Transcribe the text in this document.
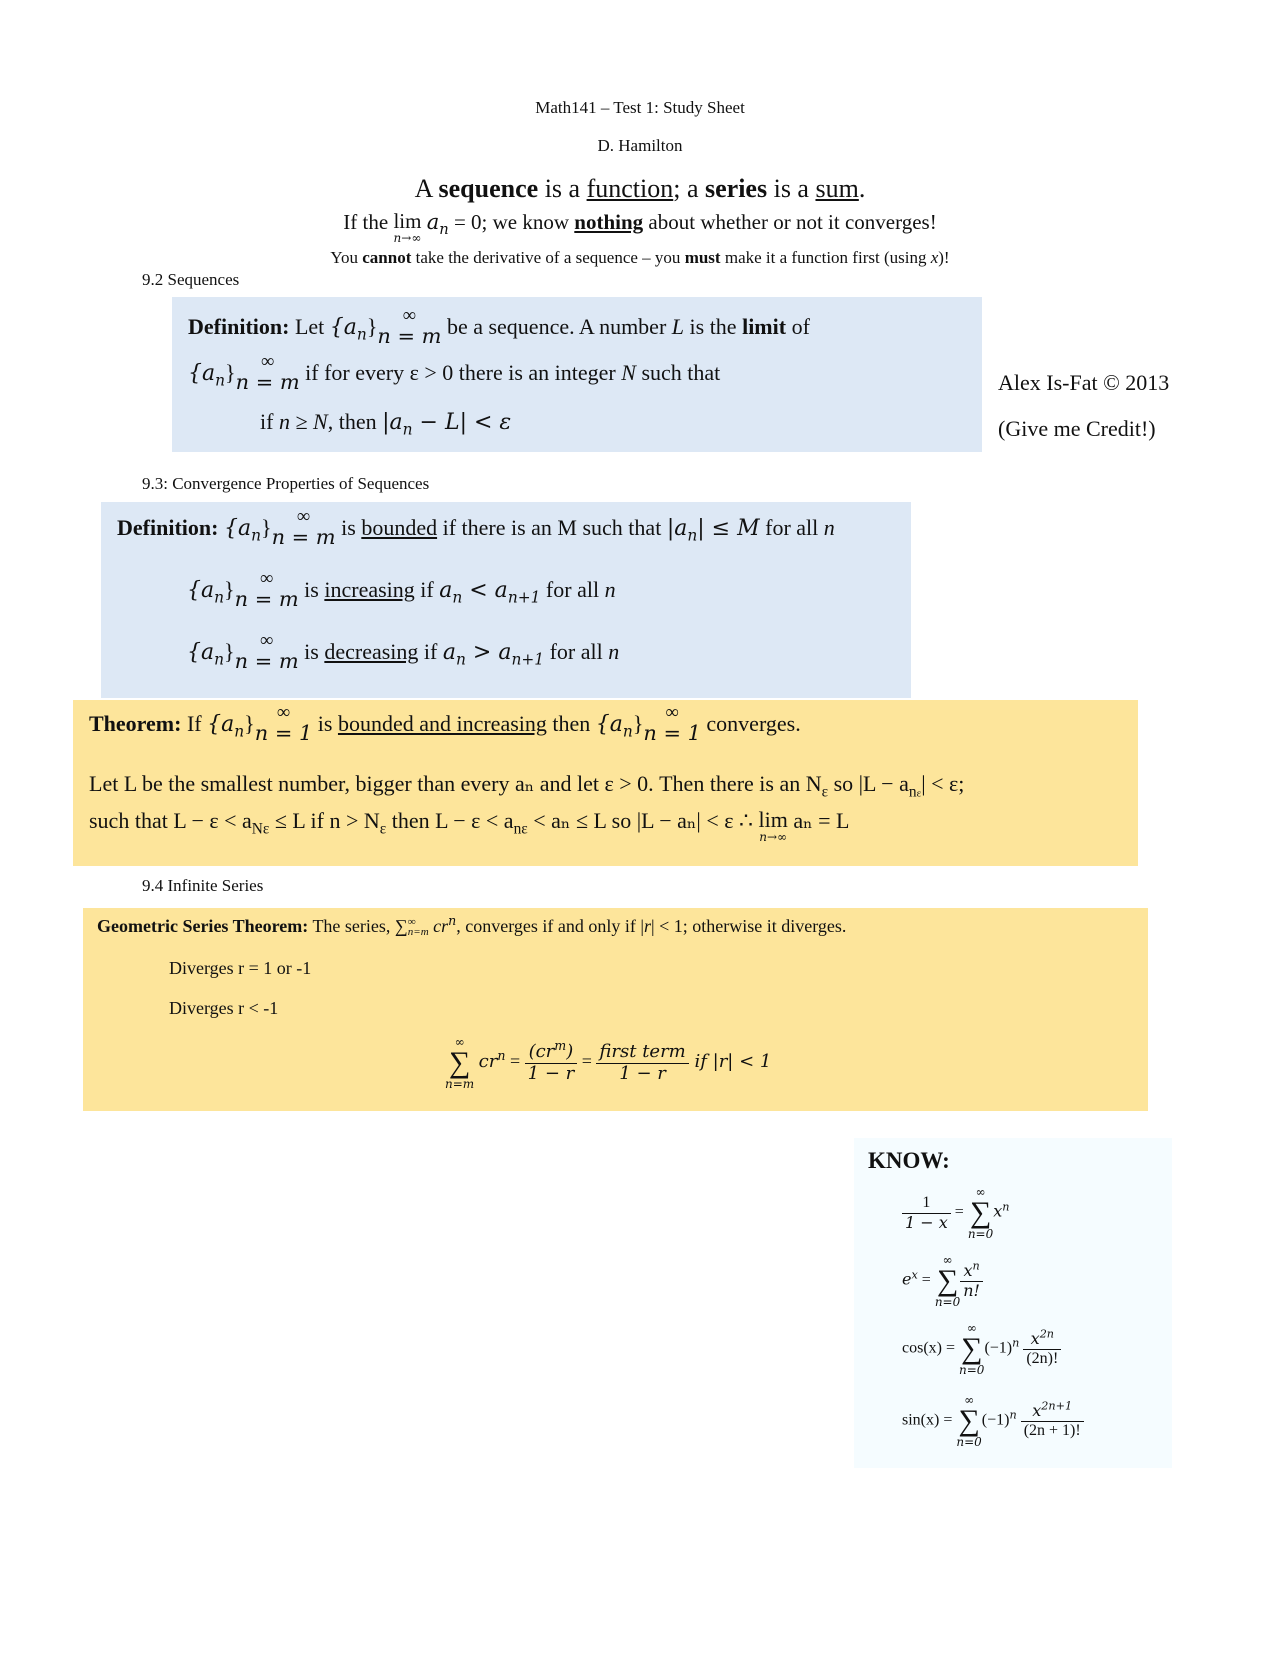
Math141 – Test 1: Study Sheet
D. Hamilton
A sequence is a function; a series is a sum.
If the lim
n→∞
$a_n = 0$; we know nothing about whether or not it converges!
You cannot take the derivative of a sequence – you must make it a function first (using x)!
9.2 Sequences
Definition: Let $\{a_n\}$	∞
n = m be a sequence. A number L is the limit of
$\{a_n\}$	∞
n = m if for every ε > 0 there is an integer N such that
if n ≥ N, then $|a_n - L| < \varepsilon$
Alex Is-Fat © 2013
(Give me Credit!)
9.3: Convergence Properties of Sequences
Definition: $\{a_n\}$	∞
n = m is bounded if there is an M such that $|a_n| \le M$ for all n
$\{a_n\}$	∞
n = m is increasing if $a_n < a_{n+1}$ for all n
$\{a_n\}$	∞
n = m is decreasing if $a_n > a_{n+1}$ for all n
Theorem: If $\{a_n\}$	∞
n = 1 is bounded and increasing then $\{a_n\}$	∞
n = 1 converges.
Let L be the smallest number, bigger than every aₙ and let ε > 0. Then there is an $N_\varepsilon$ so $|L - a_{n\varepsilon}| < \varepsilon$;
such that $L - \varepsilon < a_{N\varepsilon} \le L$ if $n > N_\varepsilon$ then $L - \varepsilon < a_{n\varepsilon} < a_n \le L$ so |L − aₙ| < ε ∴ lim
n→∞
aₙ = L
9.4 Infinite Series
Geometric Series Theorem: The series, ∑ ∞
n=m $cr^n$, converges if and only if |r| < 1; otherwise it diverges.
Diverges r = 1 or -1
Diverges r < -1
∞
∑
n=m
$cr^n = \frac{(cr^m)}{1 - r} = \frac{\text{first term}}{1 - r}$ if |r| < 1
KNOW:
$\frac{1}{1 - x}$ =
∞
∑
n=0
$x^n$
$e^x$ =
∞
∑
n=0
$\frac{x^n}{n!}$
cos(x) =
∞
∑
n=0
$(-1)^n \frac{x^{2n}}{(2n)!}$
sin(x) =
∞
∑
n=0
$(-1)^n \frac{x^{2n+1}}{(2n + 1)!}$
